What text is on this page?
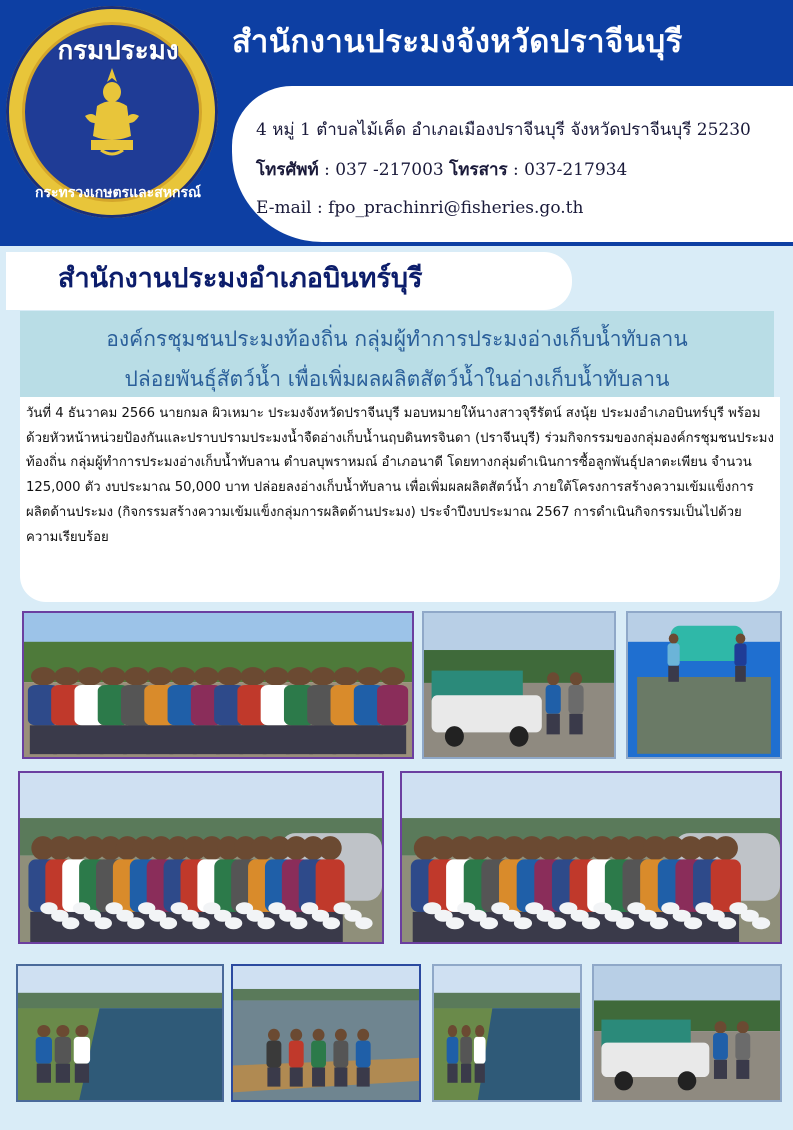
กรมประมง
กระทรวงเกษตรและสหกรณ์
สำนักงานประมงจังหวัดปราจีนบุรี
4 หมู่ 1 ตำบลไม้เค็ด อำเภอเมืองปราจีนบุรี จังหวัดปราจีนบุรี 25230
โทรศัพท์ : 037 -217003 โทรสาร : 037-217934
E-mail : fpo_prachinri@fisheries.go.th
สำนักงานประมงอำเภอบินทร์บุรี
องค์กรชุมชนประมงท้องถิ่น กลุ่มผู้ทำการประมงอ่างเก็บน้ำทับลาน
ปล่อยพันธุ์สัตว์น้ำ เพื่อเพิ่มผลผลิตสัตว์น้ำในอ่างเก็บน้ำทับลาน
วันที่ 4 ธันวาคม 2566 นายกมล ผิวเหมาะ ประมงจังหวัดปราจีนบุรี มอบหมายให้นางสาวจุรีรัตน์ สงนุ้ย ประมงอำเภอบินทร์บุรี พร้อมด้วยหัวหน้าหน่วยป้องกันและปราบปรามประมงน้ำจืดอ่างเก็บน้ำนฤบดินทรจินดา (ปราจีนบุรี) ร่วมกิจกรรมของกลุ่มองค์กรชุมชนประมงท้องถิ่น กลุ่มผู้ทำการประมงอ่างเก็บน้ำทับลาน ตำบลบุพราหมณ์ อำเภอนาดี โดยทางกลุ่มดำเนินการซื้อลูกพันธุ์ปลาตะเพียน จำนวน 125,000 ตัว งบประมาณ 50,000 บาท ปล่อยลงอ่างเก็บน้ำทับลาน เพื่อเพิ่มผลผลิตสัตว์น้ำ ภายใต้โครงการสร้างความเข้มแข็งการผลิตด้านประมง (กิจกรรมสร้างความเข้มแข็งกลุ่มการผลิตด้านประมง) ประจำปีงบประมาณ 2567 การดำเนินกิจกรรมเป็นไปด้วยความเรียบร้อย
